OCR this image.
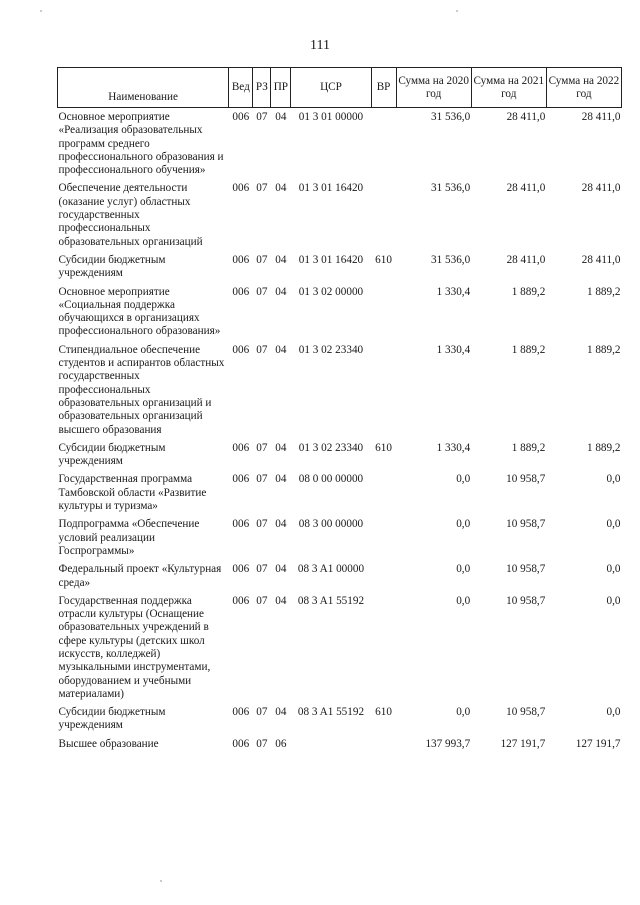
111
Наименование	Вед	РЗ	ПР	ЦСР	ВР	Сумма на 2020 год	Сумма на 2021 год	Сумма на 2022 год
Основное мероприятие «Реализация образовательных программ среднего профессионального образования и профессионального обучения»	006	07	04	01 3 01 00000		31 536,0	28 411,0	28 411,0
Обеспечение деятельности (оказание услуг) областных государственных профессиональных образовательных организаций	006	07	04	01 3 01 16420		31 536,0	28 411,0	28 411,0
Субсидии бюджетным учреждениям	006	07	04	01 3 01 16420	610	31 536,0	28 411,0	28 411,0
Основное мероприятие «Социальная поддержка обучающихся в организациях профессионального образования»	006	07	04	01 3 02 00000		1 330,4	1 889,2	1 889,2
Стипендиальное обеспечение студентов и аспирантов областных государственных профессиональных образовательных организаций и образовательных организаций высшего образования	006	07	04	01 3 02 23340		1 330,4	1 889,2	1 889,2
Субсидии бюджетным учреждениям	006	07	04	01 3 02 23340	610	1 330,4	1 889,2	1 889,2
Государственная программа Тамбовской области «Развитие культуры и туризма»	006	07	04	08 0 00 00000		0,0	10 958,7	0,0
Подпрограмма «Обеспечение условий реализации Госпрограммы»	006	07	04	08 3 00 00000		0,0	10 958,7	0,0
Федеральный проект «Культурная среда»	006	07	04	08 3 A1 00000		0,0	10 958,7	0,0
Государственная поддержка отрасли культуры (Оснащение образовательных учреждений в сфере культуры (детских школ искусств, колледжей) музыкальными инструментами, оборудованием и учебными материалами)	006	07	04	08 3 A1 55192		0,0	10 958,7	0,0
Субсидии бюджетным учреждениям	006	07	04	08 3 A1 55192	610	0,0	10 958,7	0,0
Высшее образование	006	07	06			137 993,7	127 191,7	127 191,7
